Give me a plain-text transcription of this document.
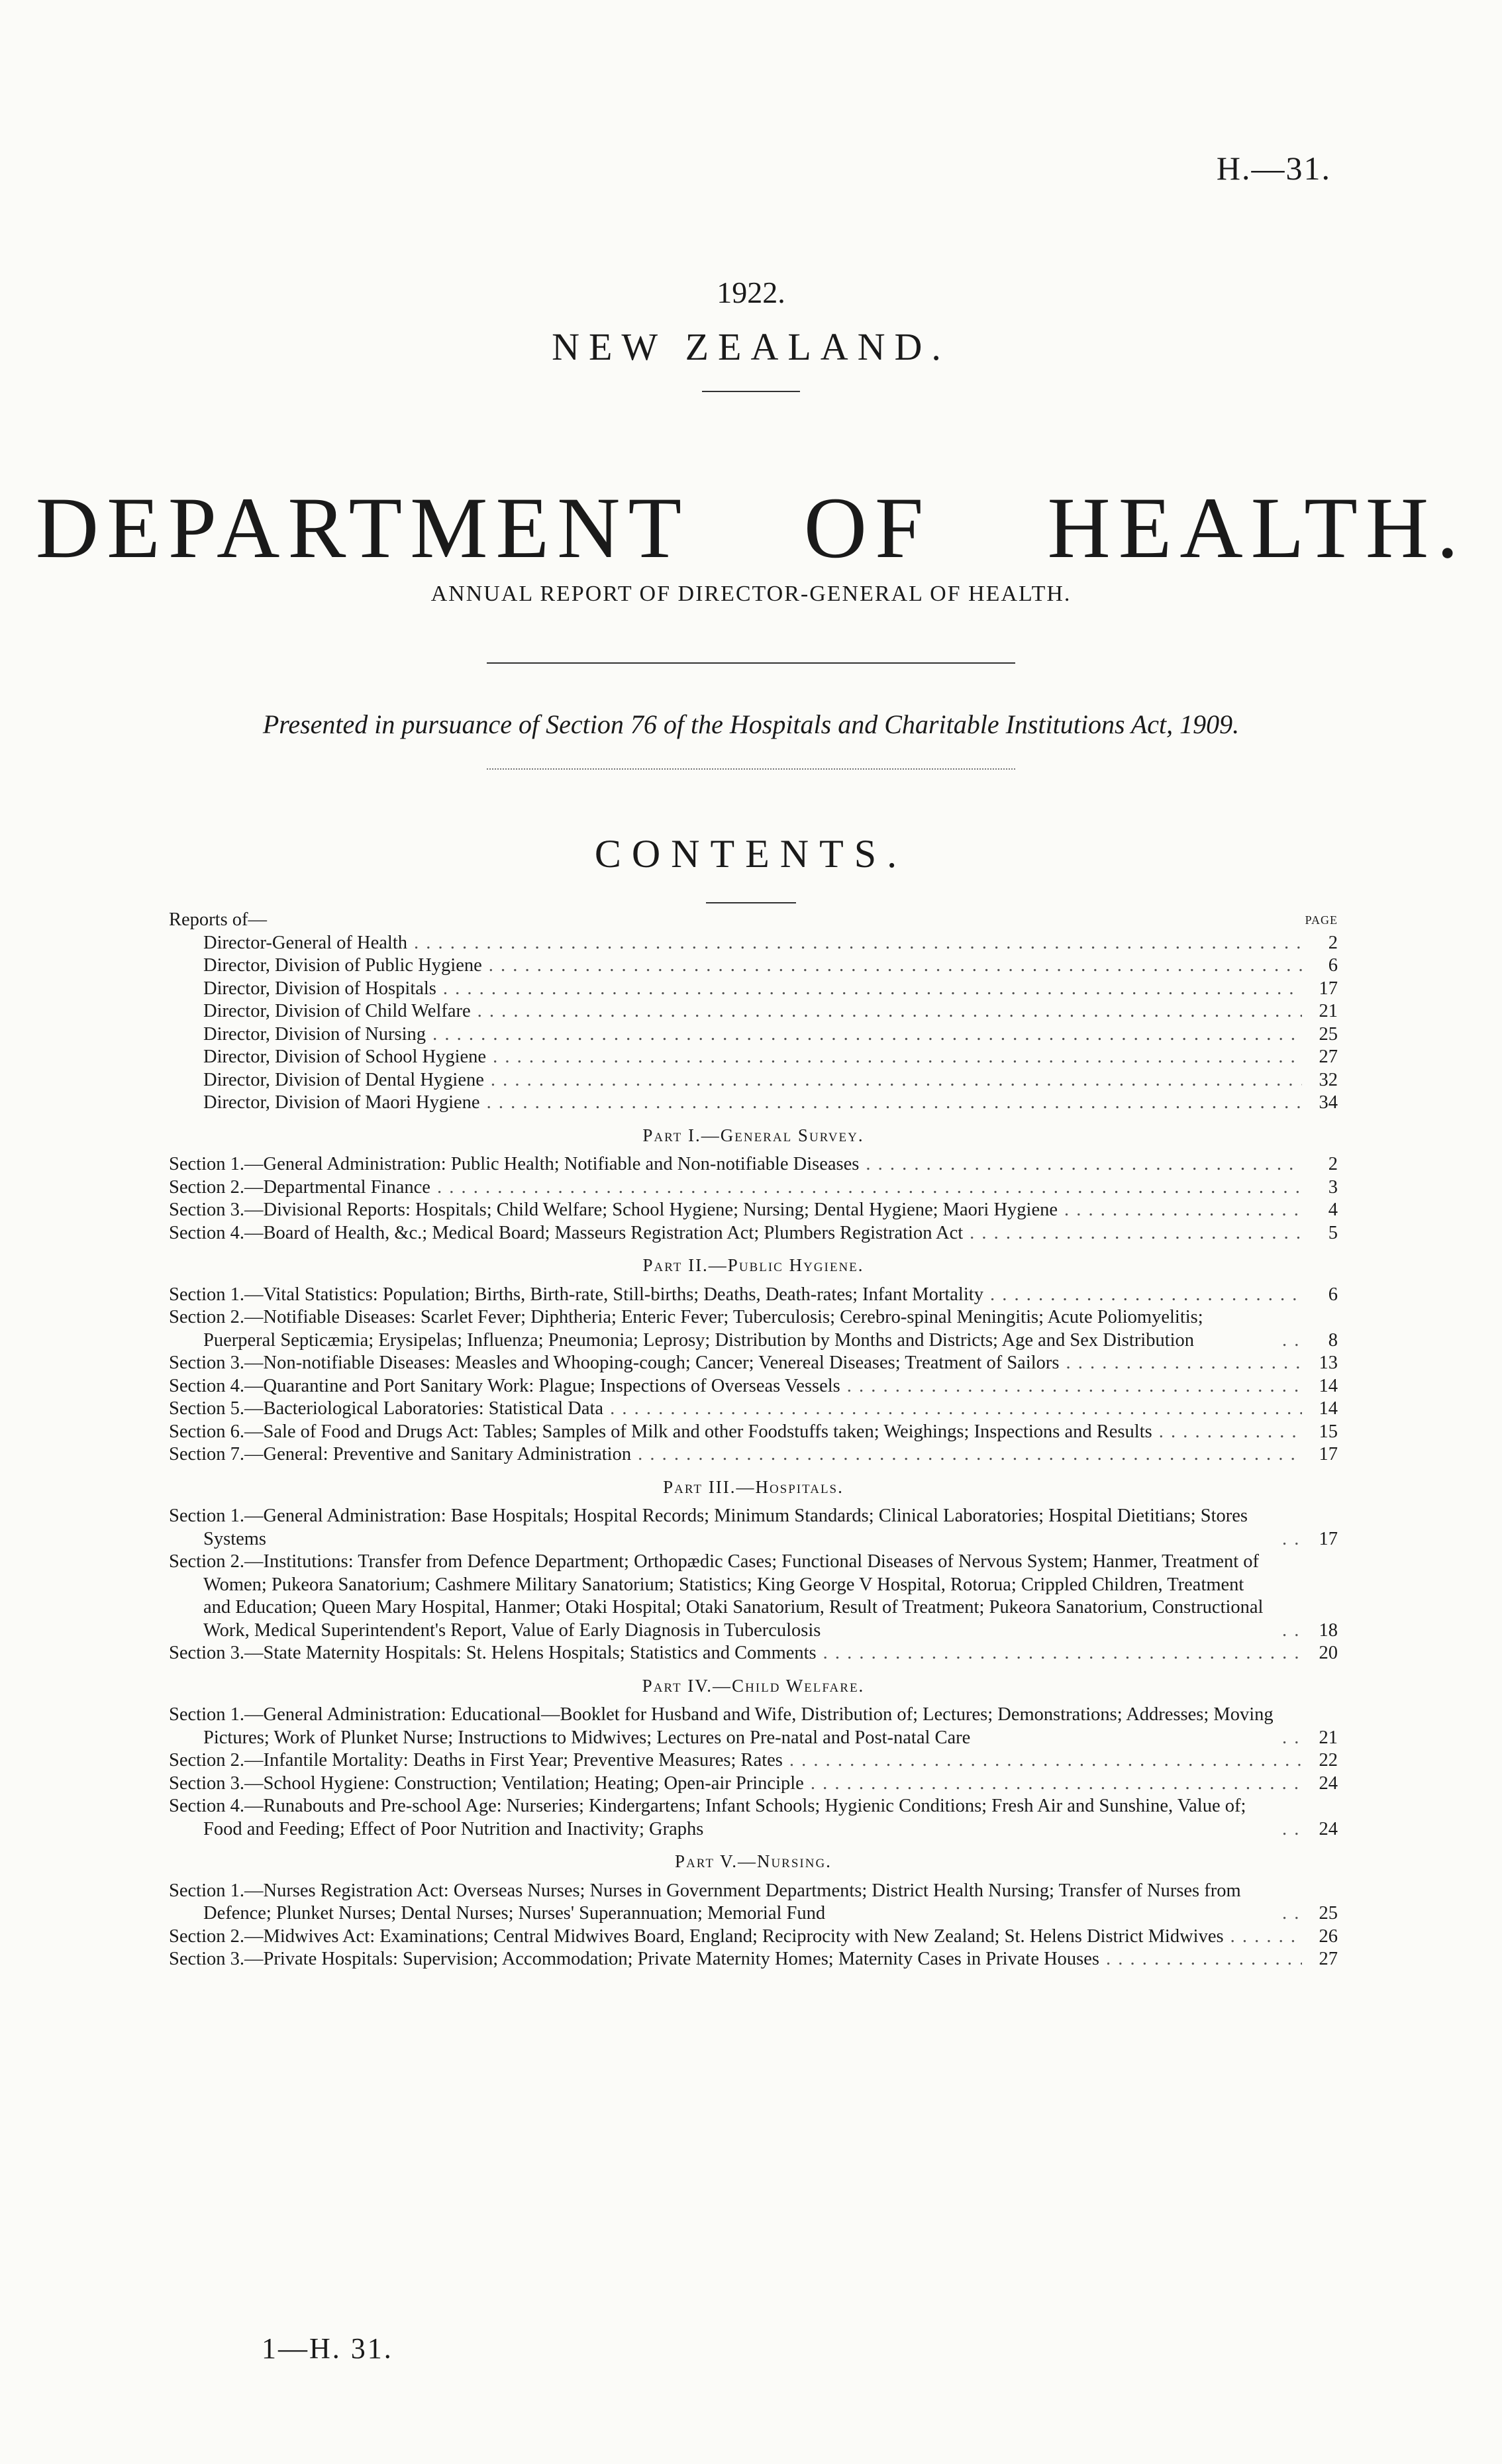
H.—31.
1922.
NEW ZEALAND.
DEPARTMENT OF HEALTH.
ANNUAL REPORT OF DIRECTOR-GENERAL OF HEALTH.
Presented in pursuance of Section 76 of the Hospitals and Charitable Institutions Act, 1909.
CONTENTS.
Reports of—	PAGE
Director-General of Health . . .	2
Director, Division of Public Hygiene . . .	6
Director, Division of Hospitals . . .	17
Director, Division of Child Welfare . . .	21
Director, Division of Nursing . . .	25
Director, Division of School Hygiene . . .	27
Director, Division of Dental Hygiene . . .	32
Director, Division of Maori Hygiene . . .	34
Part I.—General Survey.
Section 1.—General Administration: Public Health; Notifiable and Non-notifiable Diseases . . .	2
Section 2.—Departmental Finance . . .	3
Section 3.—Divisional Reports: Hospitals; Child Welfare; School Hygiene; Nursing; Dental Hygiene; Maori Hygiene . . .	4
Section 4.—Board of Health, &c.; Medical Board; Masseurs Registration Act; Plumbers Registration Act . . .	5
Part II.—Public Hygiene.
Section 1.—Vital Statistics: Population; Births, Birth-rate, Still-births; Deaths, Death-rates; Infant Mortality . . .	6
Section 2.—Notifiable Diseases: Scarlet Fever; Diphtheria; Enteric Fever; Tuberculosis; Cerebro-spinal Meningitis; Acute Poliomyelitis; Puerperal Septicæmia; Erysipelas; Influenza; Pneumonia; Leprosy; Distribution by Months and Districts; Age and Sex Distribution . . .	8
Section 3.—Non-notifiable Diseases: Measles and Whooping-cough; Cancer; Venereal Diseases; Treatment of Sailors . . .	13
Section 4.—Quarantine and Port Sanitary Work: Plague; Inspections of Overseas Vessels . . .	14
Section 5.—Bacteriological Laboratories: Statistical Data . . .	14
Section 6.—Sale of Food and Drugs Act: Tables; Samples of Milk and other Foodstuffs taken; Weighings; Inspections and Results . . .	15
Section 7.—General: Preventive and Sanitary Administration . . .	17
Part III.—Hospitals.
Section 1.—General Administration: Base Hospitals; Hospital Records; Minimum Standards; Clinical Laboratories; Hospital Dietitians; Stores Systems . . .	17
Section 2.—Institutions: Transfer from Defence Department; Orthopædic Cases; Functional Diseases of Nervous System; Hanmer, Treatment of Women; Pukeora Sanatorium; Cashmere Military Sanatorium; Statistics; King George V Hospital, Rotorua; Crippled Children, Treatment and Education; Queen Mary Hospital, Hanmer; Otaki Hospital; Otaki Sanatorium, Result of Treatment; Pukeora Sanatorium, Constructional Work, Medical Superintendent's Report, Value of Early Diagnosis in Tuberculosis . . .	18
Section 3.—State Maternity Hospitals: St. Helens Hospitals; Statistics and Comments . . .	20
Part IV.—Child Welfare.
Section 1.—General Administration: Educational—Booklet for Husband and Wife, Distribution of; Lectures; Demonstrations; Addresses; Moving Pictures; Work of Plunket Nurse; Instructions to Midwives; Lectures on Pre-natal and Post-natal Care . . .	21
Section 2.—Infantile Mortality: Deaths in First Year; Preventive Measures; Rates . . .	22
Section 3.—School Hygiene: Construction; Ventilation; Heating; Open-air Principle . . .	24
Section 4.—Runabouts and Pre-school Age: Nurseries; Kindergartens; Infant Schools; Hygienic Conditions; Fresh Air and Sunshine, Value of; Food and Feeding; Effect of Poor Nutrition and Inactivity; Graphs . . .	24
Part V.—Nursing.
Section 1.—Nurses Registration Act: Overseas Nurses; Nurses in Government Departments; District Health Nursing; Transfer of Nurses from Defence; Plunket Nurses; Dental Nurses; Nurses' Superannuation; Memorial Fund . . .	25
Section 2.—Midwives Act: Examinations; Central Midwives Board, England; Reciprocity with New Zealand; St. Helens District Midwives . . .	26
Section 3.—Private Hospitals: Supervision; Accommodation; Private Maternity Homes; Maternity Cases in Private Houses . . .	27
1—H. 31.
